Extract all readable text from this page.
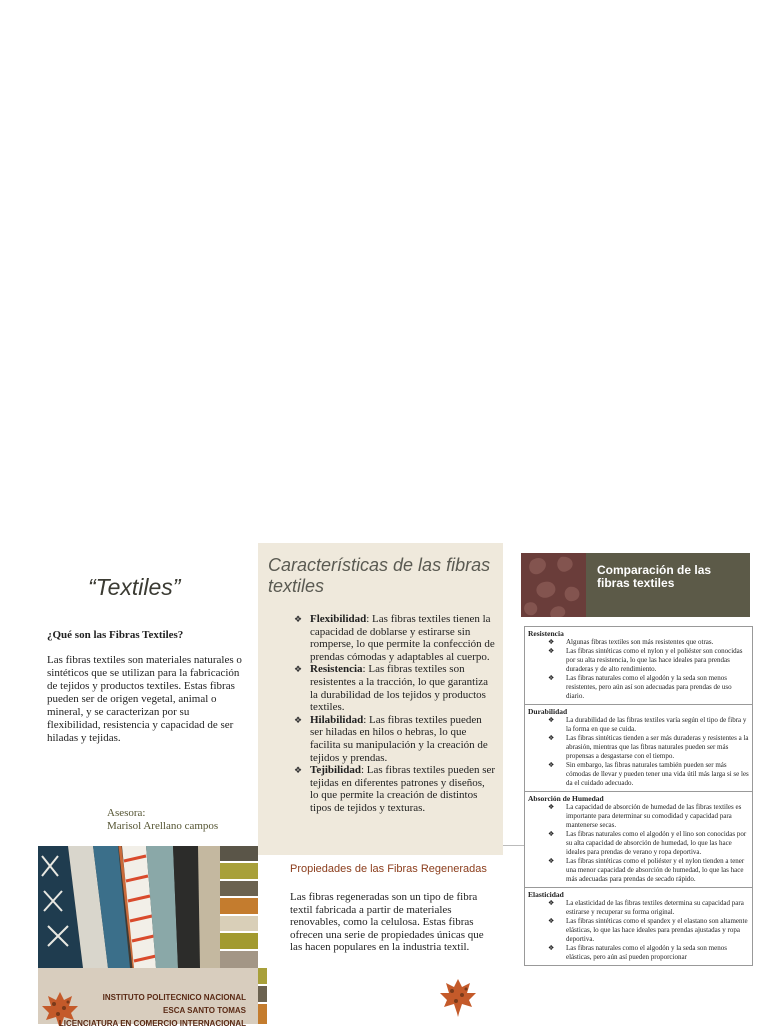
“Textiles”
¿Qué son las Fibras Textiles?
Las fibras textiles son materiales naturales o sintéticos que se utilizan para la fabricación de tejidos y productos textiles. Estas fibras pueden ser de origen vegetal, animal o mineral, y se caracterizan por su flexibilidad, resistencia y capacidad de ser hiladas y tejidas.
Asesora:
Marisol Arellano campos
INSTITUTO POLITECNICO NACIONAL
ESCA SANTO TOMAS
LICENCIATURA EN COMERCIO INTERNACIONAL
Características de las fibras textiles
❖ Flexibilidad: Las fibras textiles tienen la capacidad de doblarse y estirarse sin romperse, lo que permite la confección de prendas cómodas y adaptables al cuerpo.
❖ Resistencia: Las fibras textiles son resistentes a la tracción, lo que garantiza la durabilidad de los tejidos y productos textiles.
❖ Hilabilidad: Las fibras textiles pueden ser hiladas en hilos o hebras, lo que facilita su manipulación y la creación de tejidos y prendas.
❖ Tejibilidad: Las fibras textiles pueden ser tejidas en diferentes patrones y diseños, lo que permite la creación de distintos tipos de tejidos y texturas.
Propiedades de las Fibras Regeneradas
Las fibras regeneradas son un tipo de fibra textil fabricada a partir de materiales renovables, como la celulosa. Estas fibras ofrecen una serie de propiedades únicas que las hacen populares en la industria textil.
Comparación de las fibras textiles
Resistencia
❖ Algunas fibras textiles son más resistentes que otras.
❖ Las fibras sintéticas como el nylon y el poliéster son conocidas por su alta resistencia, lo que las hace ideales para prendas duraderas y de alto rendimiento.
❖ Las fibras naturales como el algodón y la seda son menos resistentes, pero aún así son adecuadas para prendas de uso diario.

Durabilidad
❖ La durabilidad de las fibras textiles varía según el tipo de fibra y la forma en que se cuida.
❖ Las fibras sintéticas tienden a ser más duraderas y resistentes a la abrasión, mientras que las fibras naturales pueden ser más propensas a desgastarse con el tiempo.
❖ Sin embargo, las fibras naturales también pueden ser más cómodas de llevar y pueden tener una vida útil más larga si se les da el cuidado adecuado.

Absorción de Humedad
❖ La capacidad de absorción de humedad de las fibras textiles es importante para determinar su comodidad y capacidad para mantenerse secas.
❖ Las fibras naturales como el algodón y el lino son conocidas por su alta capacidad de absorción de humedad, lo que las hace ideales para prendas de verano y ropa deportiva.
❖ Las fibras sintéticas como el poliéster y el nylon tienden a tener una menor capacidad de absorción de humedad, lo que las hace más adecuadas para prendas de secado rápido.

Elasticidad
❖ La elasticidad de las fibras textiles determina su capacidad para estirarse y recuperar su forma original.
❖ Las fibras sintéticas como el spandex y el elastano son altamente elásticas, lo que las hace ideales para prendas ajustadas y ropa deportiva.
❖ Las fibras naturales como el algodón y la seda son menos elásticas, pero aún así pueden proporcionar
